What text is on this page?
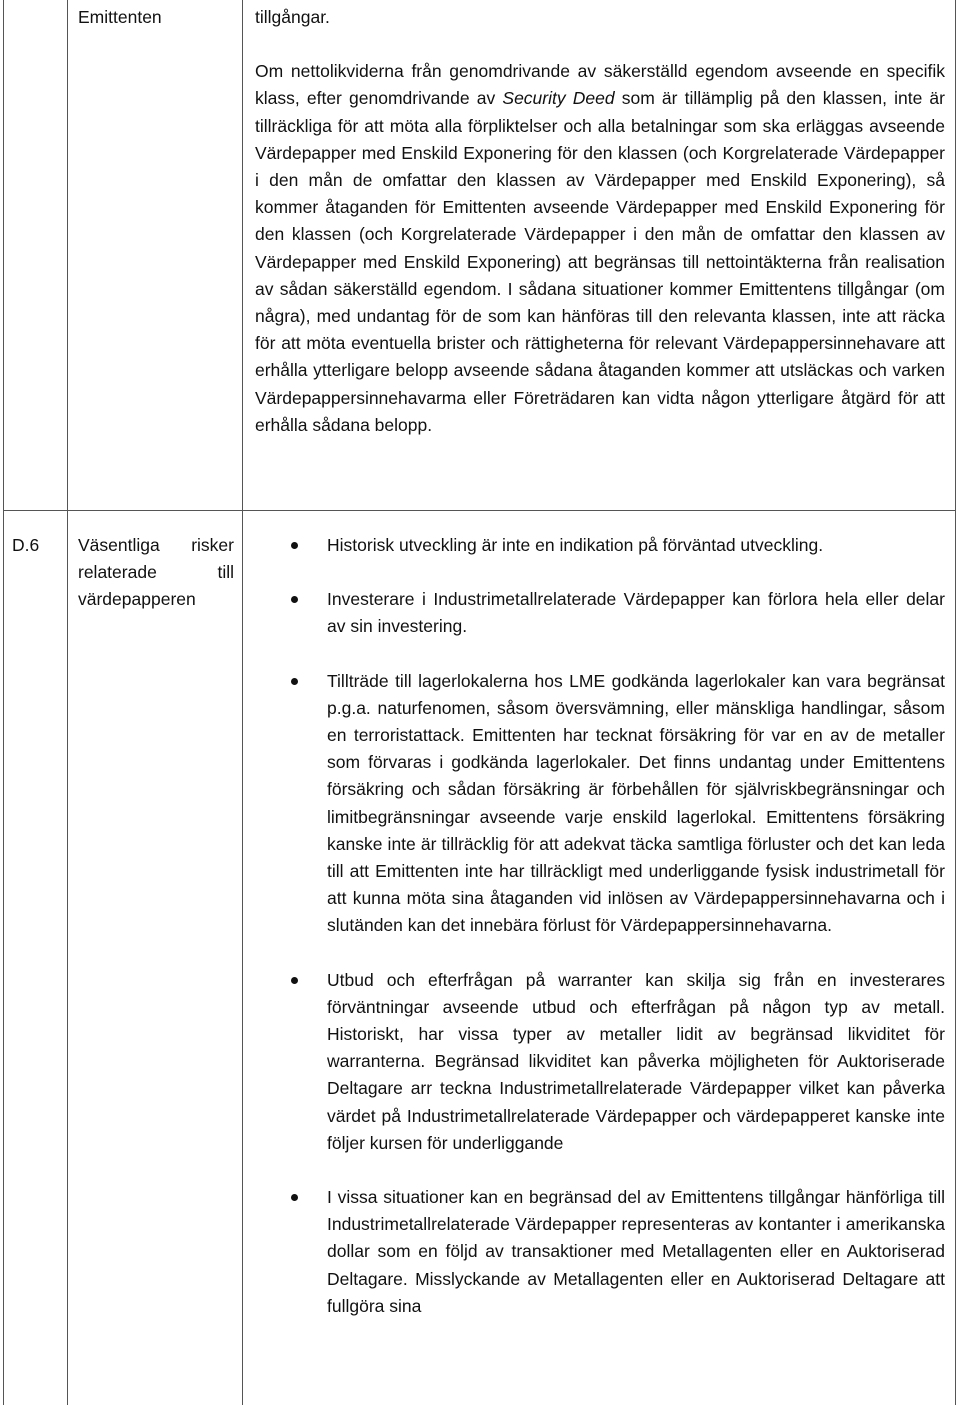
Emittenten	tillgångar.
Om nettolikviderna från genomdrivande av säkerställd egendom avseende en specifik klass, efter genomdrivande av Security Deed som är tillämplig på den klassen, inte är tillräckliga för att möta alla förpliktelser och alla betalningar som ska erläggas avseende Värdepapper med Enskild Exponering för den klassen (och Korgrelaterade Värdepapper i den mån de omfattar den klassen av Värdepapper med Enskild Exponering), så kommer åtaganden för Emittenten avseende Värdepapper med Enskild Exponering för den klassen (och Korgrelaterade Värdepapper i den mån de omfattar den klassen av Värdepapper med Enskild Exponering) att begränsas till nettointäkterna från realisation av sådan säkerställd egendom. I sådana situationer kommer Emittentens tillgångar (om några), med undantag för de som kan hänföras till den relevanta klassen, inte att räcka för att möta eventuella brister och rättigheterna för relevant Värdepappersinnehavare att erhålla ytterligare belopp avseende sådana åtaganden kommer att utsläckas och varken Värdepappersinnehavarma eller Företrädaren kan vidta någon ytterligare åtgärd för att erhålla sådana belopp.
D.6	Väsentliga risker relaterade till värdepapperen
Historisk utveckling är inte en indikation på förväntad utveckling.
Investerare i Industrimetallrelaterade Värdepapper kan förlora hela eller delar av sin investering.
Tillträde till lagerlokalerna hos LME godkända lagerlokaler kan vara begränsat p.g.a. naturfenomen, såsom översvämning, eller mänskliga handlingar, såsom en terroristattack. Emittenten har tecknat försäkring för var en av de metaller som förvaras i godkända lagerlokaler. Det finns undantag under Emittentens försäkring och sådan försäkring är förbehållen för självriskbegränsningar och limitbegränsningar avseende varje enskild lagerlokal. Emittentens försäkring kanske inte är tillräcklig för att adekvat täcka samtliga förluster och det kan leda till att Emittenten inte har tillräckligt med underliggande fysisk industrimetall för att kunna möta sina åtaganden vid inlösen av Värdepappersinnehavarna och i slutänden kan det innebära förlust för Värdepappersinnehavarna.
Utbud och efterfrågan på warranter kan skilja sig från en investerares förväntningar avseende utbud och efterfrågan på någon typ av metall. Historiskt, har vissa typer av metaller lidit av begränsad likviditet för warranterna. Begränsad likviditet kan påverka möjligheten för Auktoriserade Deltagare arr teckna Industrimetallrelaterade Värdepapper vilket kan påverka värdet på Industrimetallrelaterade Värdepapper och värdepapperet kanske inte följer kursen för underliggande
I vissa situationer kan en begränsad del av Emittentens tillgångar hänförliga till Industrimetallrelaterade Värdepapper representeras av kontanter i amerikanska dollar som en följd av transaktioner med Metallagenten eller en Auktoriserad Deltagare. Misslyckande av Metallagenten eller en Auktoriserad Deltagare att fullgöra sina
